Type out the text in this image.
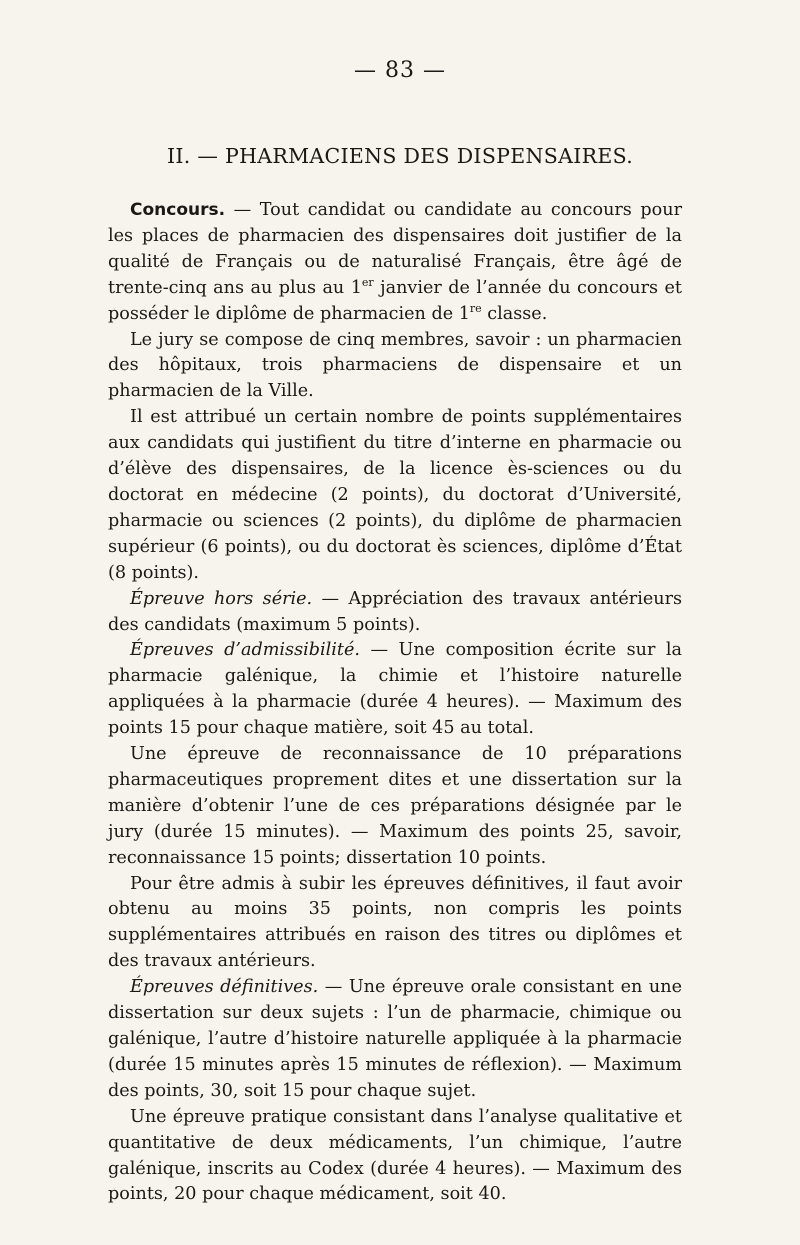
— 83 —
II. — PHARMACIENS DES DISPENSAIRES.

Concours. — Tout candidat ou candidate au concours pour les places de pharmacien des dispensaires doit justifier de la qualité de Français ou de naturalisé Français, être âgé de trente-cinq ans au plus au 1er janvier de l’année du concours et posséder le diplôme de pharmacien de 1re classe.

Le jury se compose de cinq membres, savoir : un pharmacien des hôpitaux, trois pharmaciens de dispensaire et un pharmacien de la Ville.

Il est attribué un certain nombre de points supplémentaires aux candidats qui justifient du titre d’interne en pharmacie ou d’élève des dispensaires, de la licence ès-sciences ou du doctorat en médecine (2 points), du doctorat d’Université, pharmacie ou sciences (2 points), du diplôme de pharmacien supérieur (6 points), ou du doctorat ès sciences, diplôme d’État (8 points).

Épreuve hors série. — Appréciation des travaux antérieurs des candidats (maximum 5 points).

Épreuves d’admissibilité. — Une composition écrite sur la pharmacie galénique, la chimie et l’histoire naturelle appliquées à la pharmacie (durée 4 heures). — Maximum des points 15 pour chaque matière, soit 45 au total.

Une épreuve de reconnaissance de 10 préparations pharmaceutiques proprement dites et une dissertation sur la manière d’obtenir l’une de ces préparations désignée par le jury (durée 15 minutes). — Maximum des points 25, savoir, reconnaissance 15 points; dissertation 10 points.

Pour être admis à subir les épreuves définitives, il faut avoir obtenu au moins 35 points, non compris les points supplémentaires attribués en raison des titres ou diplômes et des travaux antérieurs.

Épreuves définitives. — Une épreuve orale consistant en une dissertation sur deux sujets : l’un de pharmacie, chimique ou galénique, l’autre d’histoire naturelle appliquée à la pharmacie (durée 15 minutes après 15 minutes de réflexion). — Maximum des points, 30, soit 15 pour chaque sujet.

Une épreuve pratique consistant dans l’analyse qualitative et quantitative de deux médicaments, l’un chimique, l’autre galénique, inscrits au Codex (durée 4 heures). — Maximum des points, 20 pour chaque médicament, soit 40.
